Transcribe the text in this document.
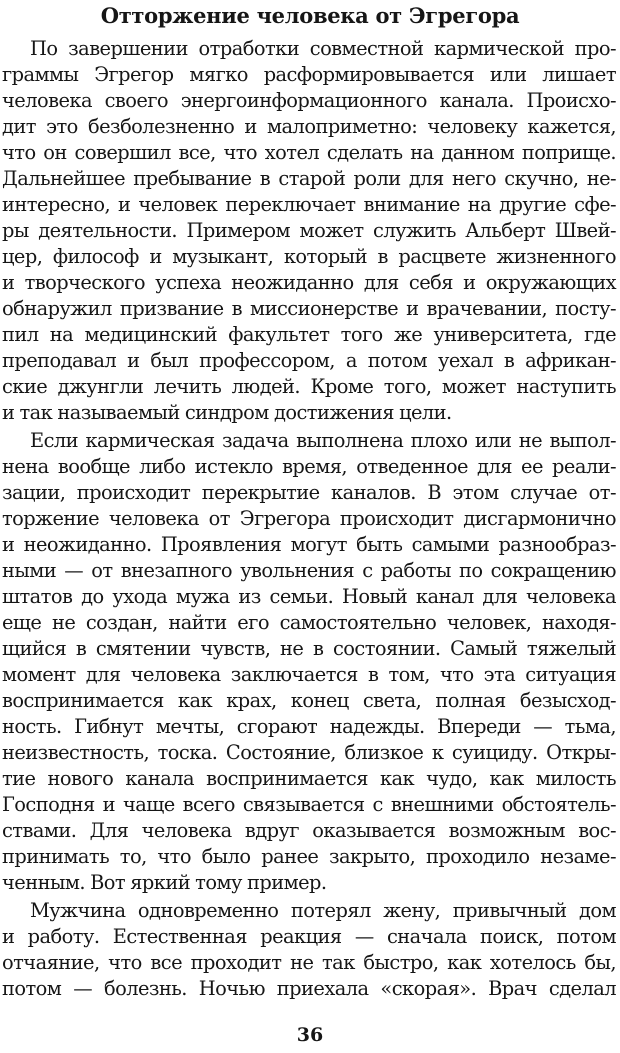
Отторжение человека от Эгрегора
По завершении отработки совместной кармической про-
граммы Эгрегор мягко расформировывается или лишает
человека своего энергоинформационного канала. Происхо-
дит это безболезненно и малоприметно: человеку кажется,
что он совершил все, что хотел сделать на данном поприще.
Дальнейшее пребывание в старой роли для него скучно, не-
интересно, и человек переключает внимание на другие сфе-
ры деятельности. Примером может служить Альберт Швей-
цер, философ и музыкант, который в расцвете жизненного
и творческого успеха неожиданно для себя и окружающих
обнаружил призвание в миссионерстве и врачевании, посту-
пил на медицинский факультет того же университета, где
преподавал и был профессором, а потом уехал в африкан-
ские джунгли лечить людей. Кроме того, может наступить
и так называемый синдром достижения цели.
Если кармическая задача выполнена плохо или не выпол-
нена вообще либо истекло время, отведенное для ее реали-
зации, происходит перекрытие каналов. В этом случае от-
торжение человека от Эгрегора происходит дисгармонично
и неожиданно. Проявления могут быть самыми разнообраз-
ными — от внезапного увольнения с работы по сокращению
штатов до ухода мужа из семьи. Новый канал для человека
еще не создан, найти его самостоятельно человек, находя-
щийся в смятении чувств, не в состоянии. Самый тяжелый
момент для человека заключается в том, что эта ситуация
воспринимается как крах, конец света, полная безысход-
ность. Гибнут мечты, сгорают надежды. Впереди — тьма,
неизвестность, тоска. Состояние, близкое к суициду. Откры-
тие нового канала воспринимается как чудо, как милость
Господня и чаще всего связывается с внешними обстоятель-
ствами. Для человека вдруг оказывается возможным вос-
принимать то, что было ранее закрыто, проходило незаме-
ченным. Вот яркий тому пример.
Мужчина одновременно потерял жену, привычный дом
и работу. Естественная реакция — сначала поиск, потом
отчаяние, что все проходит не так быстро, как хотелось бы,
потом — болезнь. Ночью приехала «скорая». Врач сделал
36
